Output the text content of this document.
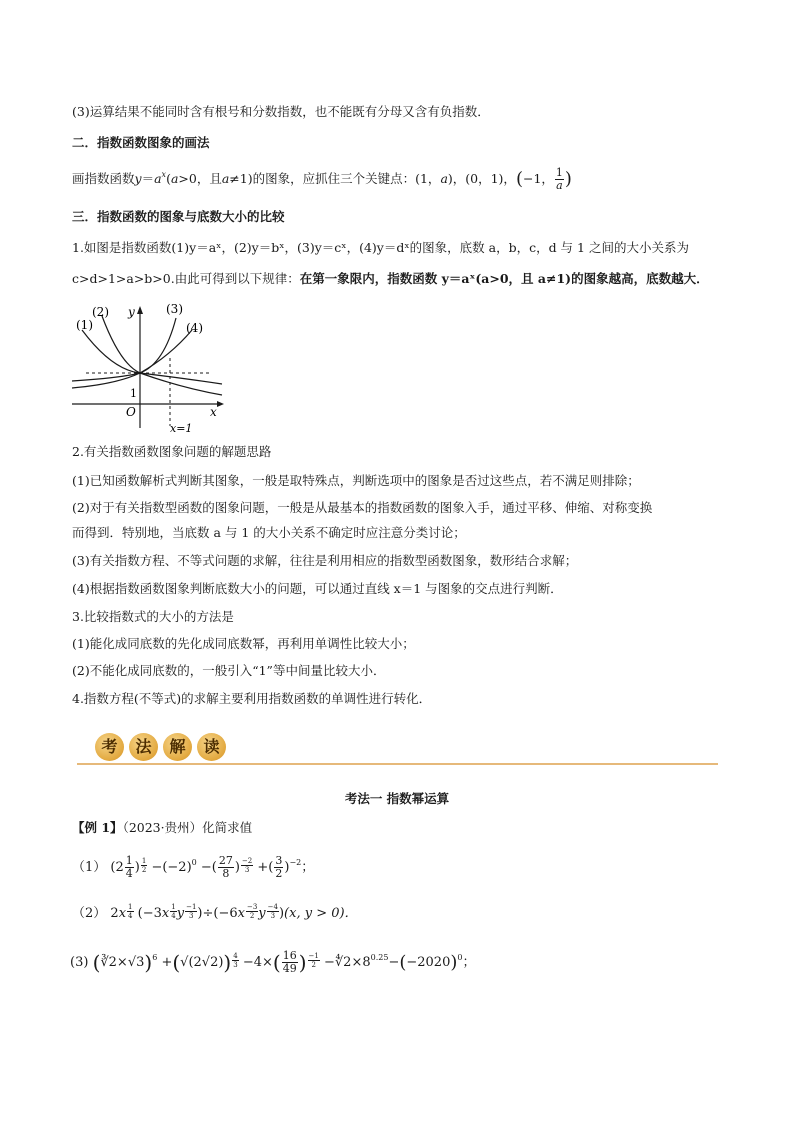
(3)运算结果不能同时含有根号和分数指数，也不能既有分母又含有负指数．
二．指数函数图象的画法
画指数函数$y=a^x(a>0$，且a≠1)的图象，应抓住三个关键点：(1，a)，(0，1)，(−1， $\frac{1}{a}$ )
三．指数函数的图象与底数大小的比较
1.如图是指数函数(1)y＝aˣ，(2)y＝bˣ，(3)y＝cˣ，(4)y＝dˣ的图象，底数 a，b，c，d 与 1 之间的大小关系为
c>d>1>a>b>0.由此可得到以下规律：在第一象限内，指数函数 y＝aˣ(a>0，且 a≠1)的图象越高，底数越大．
(1)
(2)	(3)
(4)
y
x
O
1
x=1
2.有关指数函数图象问题的解题思路
(1)已知函数解析式判断其图象，一般是取特殊点，判断选项中的图象是否过这些点，若不满足则排除；
(2)对于有关指数型函数的图象问题，一般是从最基本的指数函数的图象入手，通过平移、伸缩、对称变换
而得到．特别地，当底数 a 与 1 的大小关系不确定时应注意分类讨论；
(3)有关指数方程、不等式问题的求解，往往是利用相应的指数型函数图象，数形结合求解；
(4)根据指数函数图象判断底数大小的问题，可以通过直线 x＝1 与图象的交点进行判断．
3.比较指数式的大小的方法是
(1)能化成同底数的先化成同底数幂，再利用单调性比较大小；
(2)不能化成同底数的，一般引入“1”等中间量比较大小．
4.指数方程(不等式)的求解主要利用指数函数的单调性进行转化．
考	法	解	读
考法一 指数幂运算
【例 1】（2023·贵州）化简求值
（1） ($2 \frac{1}{4}$ ) $\frac{1}{2} -(-2)^0$ −( $\frac{27}{8}$ ) $\frac{-2}{3}$ +( $\frac{3}{2} )^{-2}$；
（2） $2x \frac{1}{4} (-3x \frac{1}{4}$ y $\frac{-1}{3} )\div(-6x \frac{-3}{2}$ y $\frac{-4}{3} )(x$, y > 0)．
(3) (∛2×√3)$^6$ $+(√(2√2)) \frac{4}{3} -4\times( \frac{16}{49}$ ) $\frac{-1}{2}$ $-∜2\times 8^{0.25}-(-2020)^0$；
